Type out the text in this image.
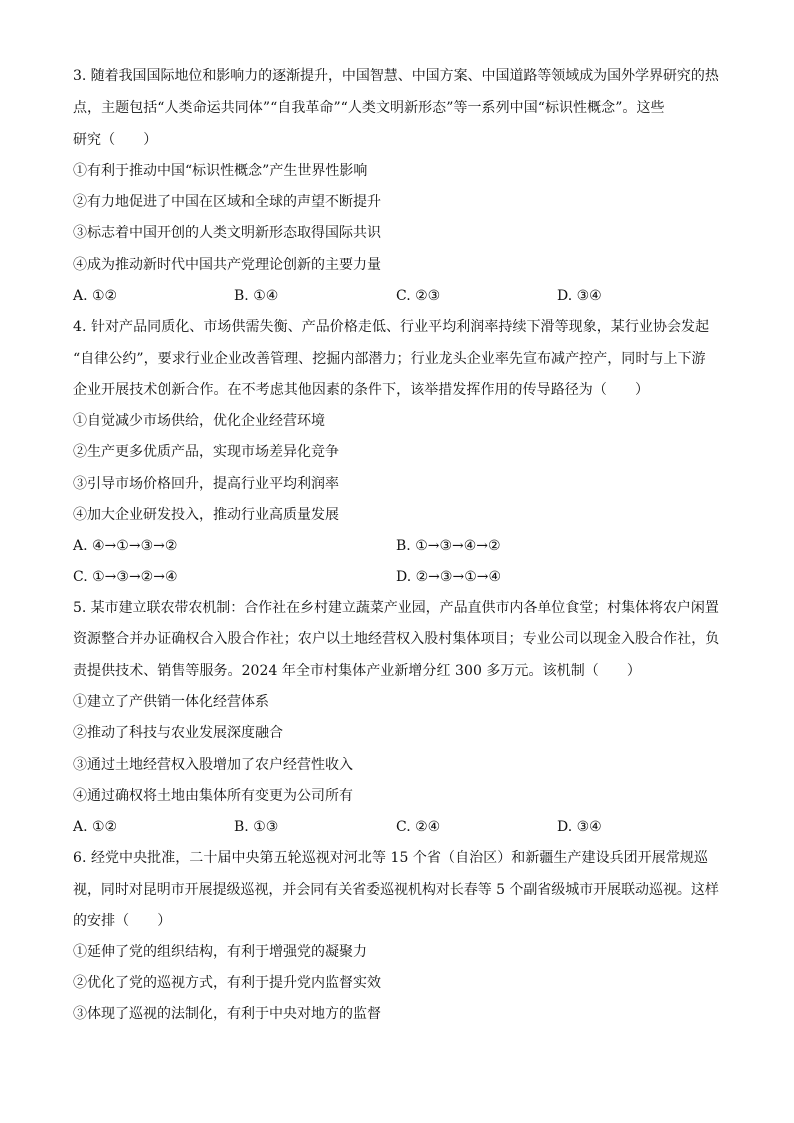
3. 随着我国国际地位和影响力的逐渐提升，中国智慧、中国方案、中国道路等领域成为国外学界研究的热
点，主题包括“人类命运共同体”“自我革命”“人类文明新形态”等一系列中国“标识性概念”。这些
研究（　　）
①有利于推动中国“标识性概念”产生世界性影响
②有力地促进了中国在区域和全球的声望不断提升
③标志着中国开创的人类文明新形态取得国际共识
④成为推动新时代中国共产党理论创新的主要力量
A. ①②	B. ①④	C. ②③	D. ③④
4. 针对产品同质化、市场供需失衡、产品价格走低、行业平均利润率持续下滑等现象，某行业协会发起
“自律公约”，要求行业企业改善管理、挖掘内部潜力；行业龙头企业率先宣布减产控产，同时与上下游
企业开展技术创新合作。在不考虑其他因素的条件下，该举措发挥作用的传导路径为（　　）
①自觉减少市场供给，优化企业经营环境
②生产更多优质产品，实现市场差异化竞争
③引导市场价格回升，提高行业平均利润率
④加大企业研发投入，推动行业高质量发展
A. ④→①→③→②	B. ①→③→④→②
C. ①→③→②→④	D. ②→③→①→④
5. 某市建立联农带农机制：合作社在乡村建立蔬菜产业园，产品直供市内各单位食堂；村集体将农户闲置
资源整合并办证确权合入股合作社；农户以土地经营权入股村集体项目；专业公司以现金入股合作社，负
责提供技术、销售等服务。2024 年全市村集体产业新增分红 300 多万元。该机制（　　）
①建立了产供销一体化经营体系
②推动了科技与农业发展深度融合
③通过土地经营权入股增加了农户经营性收入
④通过确权将土地由集体所有变更为公司所有
A. ①②	B. ①③	C. ②④	D. ③④
6. 经党中央批准，二十届中央第五轮巡视对河北等 15 个省（自治区）和新疆生产建设兵团开展常规巡
视，同时对昆明市开展提级巡视，并会同有关省委巡视机构对长春等 5 个副省级城市开展联动巡视。这样
的安排（　　）
①延伸了党的组织结构，有利于增强党的凝聚力
②优化了党的巡视方式，有利于提升党内监督实效
③体现了巡视的法制化，有利于中央对地方的监督
